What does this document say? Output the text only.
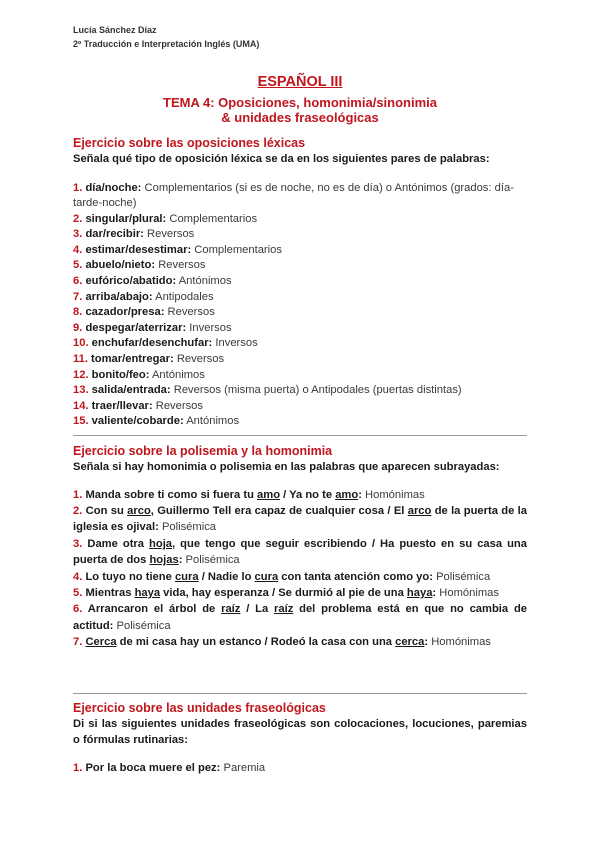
Lucía Sánchez Díaz
2º Traducción e Interpretación Inglés (UMA)
ESPAÑOL III
TEMA 4: Oposiciones, homonimia/sinonimia
& unidades fraseológicas
Ejercicio sobre las oposiciones léxicas
Señala qué tipo de oposición léxica se da en los siguientes pares de palabras:
1. día/noche: Complementarios (si es de noche, no es de día) o Antónimos (grados: día-tarde-noche)
2. singular/plural: Complementarios
3. dar/recibir: Reversos
4. estimar/desestimar: Complementarios
5. abuelo/nieto: Reversos
6. eufórico/abatido: Antónimos
7. arriba/abajo: Antipodales
8. cazador/presa: Reversos
9. despegar/aterrizar: Inversos
10. enchufar/desenchufar: Inversos
11. tomar/entregar: Reversos
12. bonito/feo: Antónimos
13. salida/entrada: Reversos (misma puerta) o Antipodales (puertas distintas)
14. traer/llevar: Reversos
15. valiente/cobarde: Antónimos
Ejercicio sobre la polisemia y la homonimia
Señala si hay homonimia o polisemia en las palabras que aparecen subrayadas:
1. Manda sobre ti como si fuera tu amo / Ya no te amo: Homónimas
2. Con su arco, Guillermo Tell era capaz de cualquier cosa / El arco de la puerta de la iglesia es ojival: Polisémica
3. Dame otra hoja, que tengo que seguir escribiendo / Ha puesto en su casa una puerta de dos hojas: Polisémica
4. Lo tuyo no tiene cura / Nadie lo cura con tanta atención como yo: Polisémica
5. Mientras haya vida, hay esperanza / Se durmió al pie de una haya: Homónimas
6. Arrancaron el árbol de raíz / La raíz del problema está en que no cambia de actitud: Polisémica
7. Cerca de mi casa hay un estanco / Rodeó la casa con una cerca: Homónimas
Ejercicio sobre las unidades fraseológicas
Di si las siguientes unidades fraseológicas son colocaciones, locuciones, paremias o fórmulas rutinarias:
1. Por la boca muere el pez: Paremia
